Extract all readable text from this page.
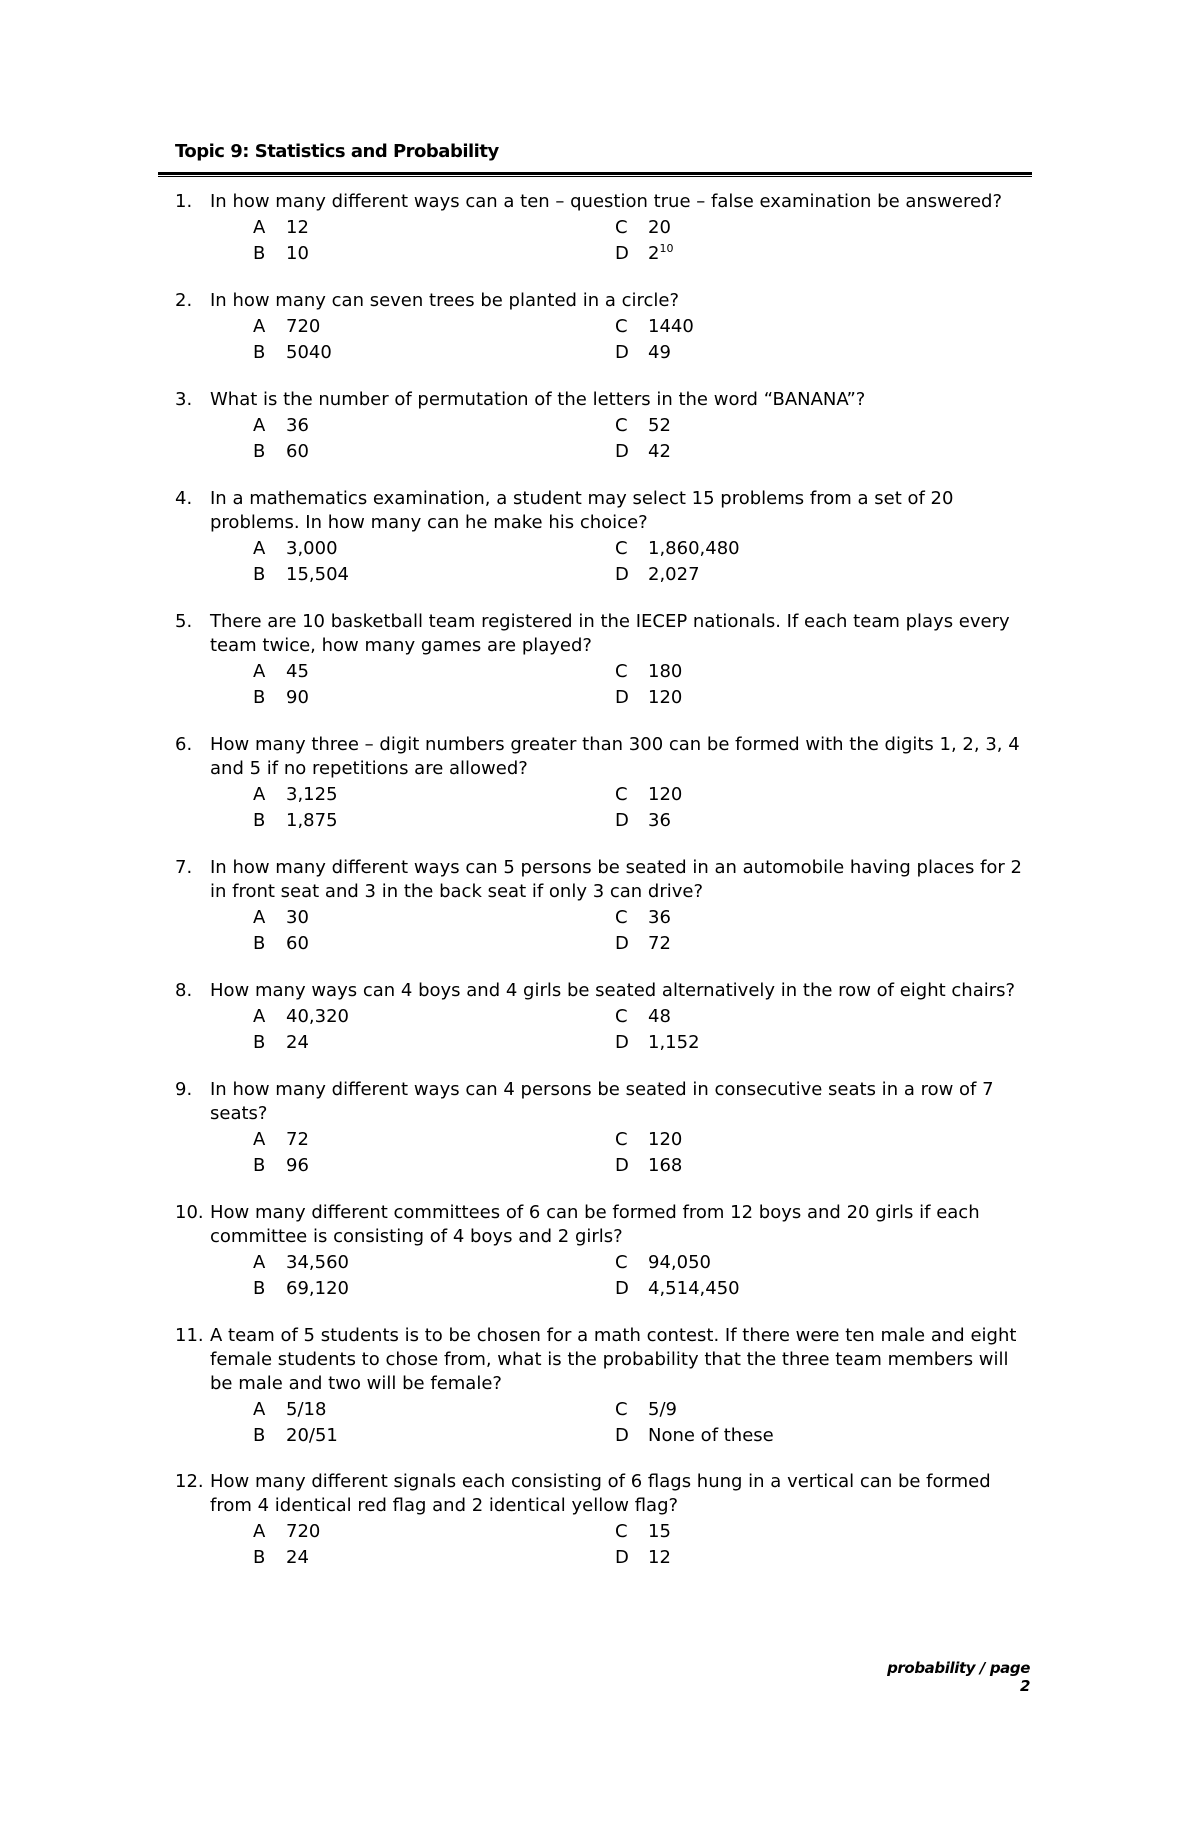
Topic 9: Statistics and Probability
1. In how many different ways can a ten – question true – false examination be answered?
A 12
B 10
C 20
D $2^{10}$
2. In how many can seven trees be planted in a circle?
A 720
B 5040
C 1440
D 49
3. What is the number of permutation of the letters in the word “BANANA”?
A 36
B 60
C 52
D 42
4. In a mathematics examination, a student may select 15 problems from a set of 20 problems. In how many can he make his choice?
A 3,000
B 15,504
C 1,860,480
D 2,027
5. There are 10 basketball team registered in the IECEP nationals. If each team plays every team twice, how many games are played?
A 45
B 90
C 180
D 120
6. How many three – digit numbers greater than 300 can be formed with the digits 1, 2, 3, 4 and 5 if no repetitions are allowed?
A 3,125
B 1,875
C 120
D 36
7. In how many different ways can 5 persons be seated in an automobile having places for 2 in front seat and 3 in the back seat if only 3 can drive?
A 30
B 60
C 36
D 72
8. How many ways can 4 boys and 4 girls be seated alternatively in the row of eight chairs?
A 40,320
B 24
C 48
D 1,152
9. In how many different ways can 4 persons be seated in consecutive seats in a row of 7 seats?
A 72
B 96
C 120
D 168
10. How many different committees of 6 can be formed from 12 boys and 20 girls if each committee is consisting of 4 boys and 2 girls?
A 34,560
B 69,120
C 94,050
D 4,514,450
11. A team of 5 students is to be chosen for a math contest. If there were ten male and eight female students to chose from, what is the probability that the three team members will be male and two will be female?
A 5/18
B 20/51
C 5/9
D None of these
12. How many different signals each consisting of 6 flags hung in a vertical can be formed from 4 identical red flag and 2 identical yellow flag?
A 720
B 24
C 15
D 12
probability / page 2
